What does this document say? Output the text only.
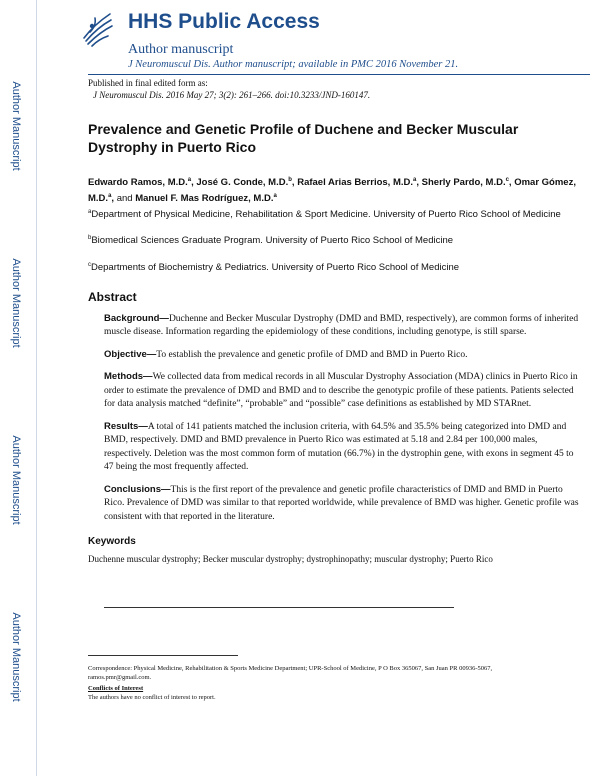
Author Manuscript
Author Manuscript
Author Manuscript
Author Manuscript
HHS Public Access
Author manuscript
J Neuromuscul Dis. Author manuscript; available in PMC 2016 November 21.
Published in final edited form as:
J Neuromuscul Dis. 2016 May 27; 3(2): 261–266. doi:10.3233/JND-160147.
Prevalence and Genetic Profile of Duchene and Becker Muscular Dystrophy in Puerto Rico
Edwardo Ramos, M.D.$^a$, José G. Conde, M.D.$^b$, Rafael Arias Berrios, M.D.$^a$, Sherly Pardo, M.D.$^c$, Omar Gómez, M.D.$^a$, and Manuel F. Mas Rodríguez, M.D.$^a$
$^a$Department of Physical Medicine, Rehabilitation & Sport Medicine. University of Puerto Rico School of Medicine
$^b$Biomedical Sciences Graduate Program. University of Puerto Rico School of Medicine
$^c$Departments of Biochemistry & Pediatrics. University of Puerto Rico School of Medicine
Abstract
Background—Duchenne and Becker Muscular Dystrophy (DMD and BMD, respectively), are common forms of inherited muscle disease. Information regarding the epidemiology of these conditions, including genotype, is still sparse.
Objective—To establish the prevalence and genetic profile of DMD and BMD in Puerto Rico.
Methods—We collected data from medical records in all Muscular Dystrophy Association (MDA) clinics in Puerto Rico in order to estimate the prevalence of DMD and BMD and to describe the genotypic profile of these patients. Patients selected for data analysis matched “definite”, “probable” and “possible” case definitions as established by MD STARnet.
Results—A total of 141 patients matched the inclusion criteria, with 64.5% and 35.5% being categorized into DMD and BMD, respectively. DMD and BMD prevalence in Puerto Rico was estimated at 5.18 and 2.84 per 100,000 males, respectively. Deletion was the most common form of mutation (66.7%) in the dystrophin gene, with exons in segment 45 to 47 being the most frequently affected.
Conclusions—This is the first report of the prevalence and genetic profile characteristics of DMD and BMD in Puerto Rico. Prevalence of DMD was similar to that reported worldwide, while prevalence of BMD was higher. Genetic profile was consistent with that reported in the literature.
Keywords
Duchenne muscular dystrophy; Becker muscular dystrophy; dystrophinopathy; muscular dystrophy; Puerto Rico
Correspondence: Physical Medicine, Rehabilitation & Sports Medicine Department; UPR-School of Medicine, P O Box 365067, San Juan PR 00936-5067, ramos.pmr@gmail.com.
Conflicts of Interest
The authors have no conflict of interest to report.
